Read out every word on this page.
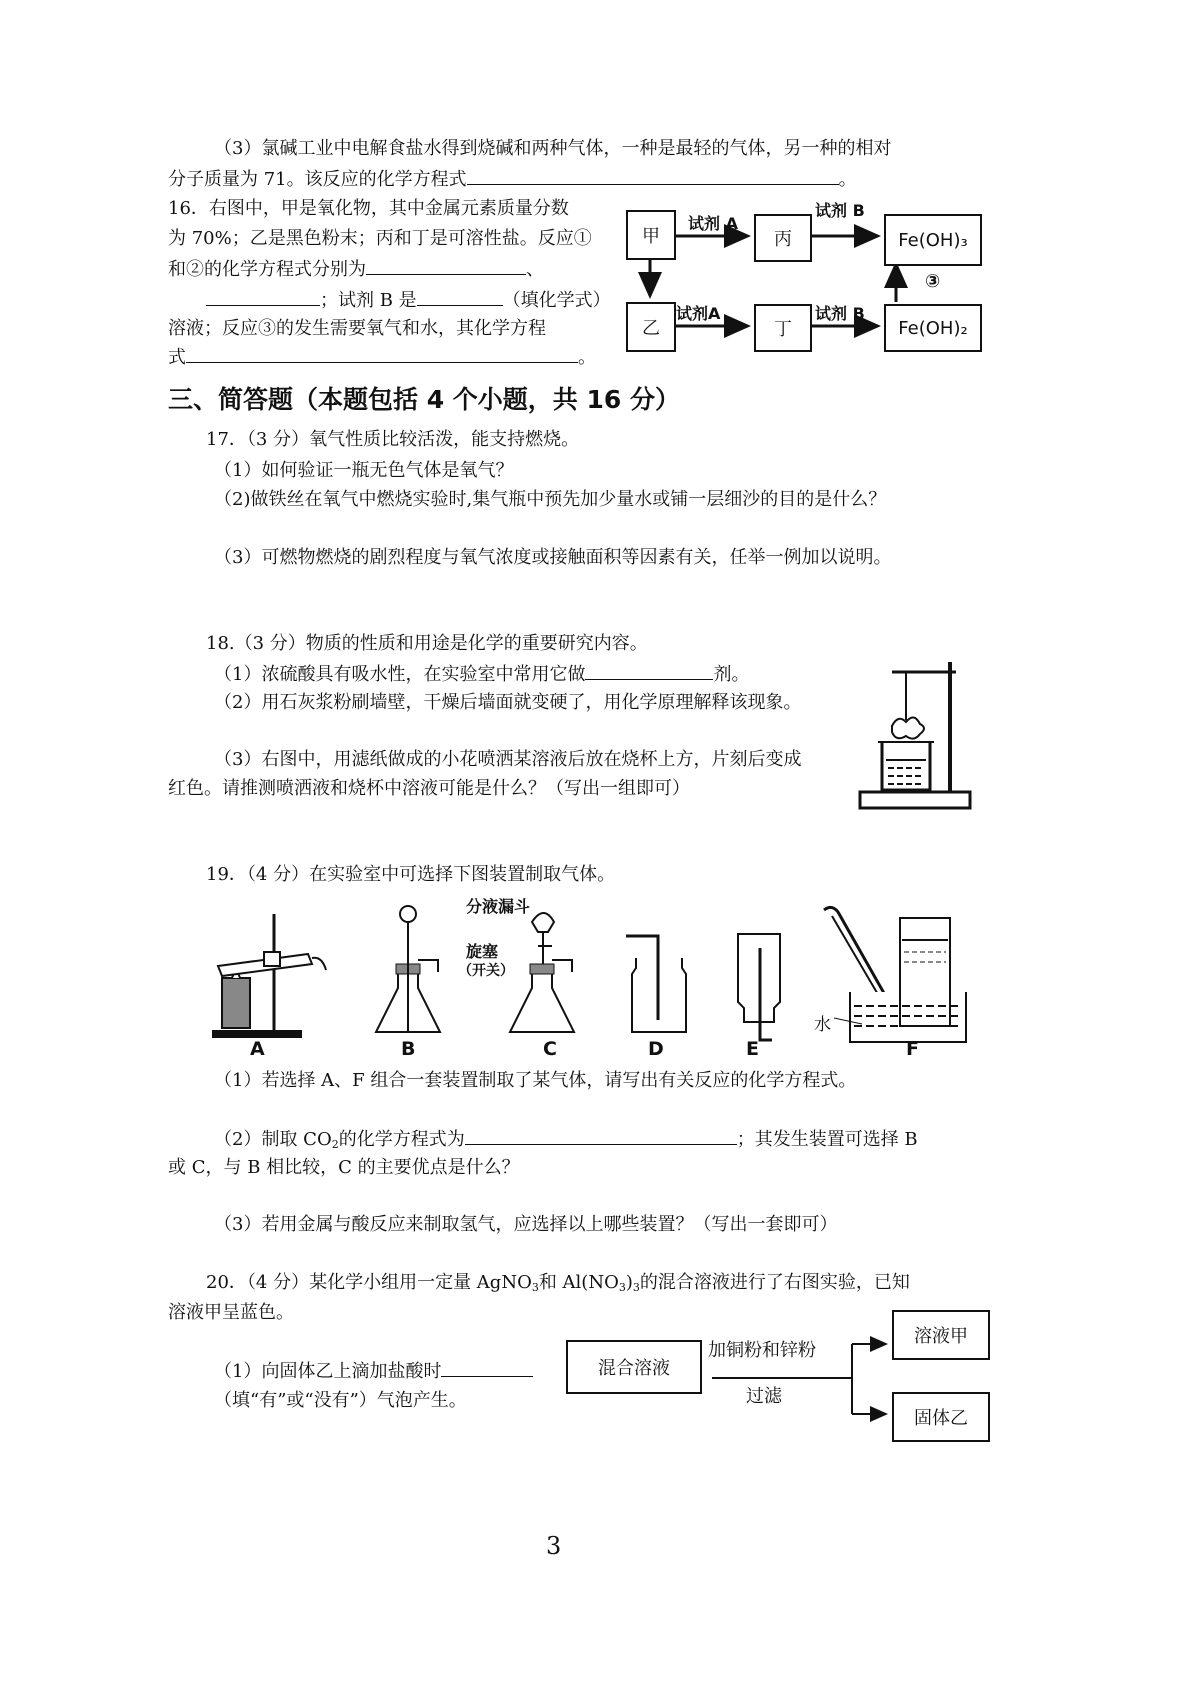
（3）氯碱工业中电解食盐水得到烧碱和两种气体，一种是最轻的气体，另一种的相对
分子质量为 71。该反应的化学方程式	。
16．右图中，甲是氧化物，其中金属元素质量分数
为 70%；乙是黑色粉末；丙和丁是可溶性盐。反应①
和②的化学方程式分别为	、
；试剂 B 是	（填化学式）
溶液；反应③的发生需要氧气和水，其化学方程
式	。
甲	丙	Fe(OH)₃
乙	丁	Fe(OH)₂
试剂 A
试剂 B
试剂A	试剂 B
③
三、简答题（本题包括 4 个小题，共 16 分）
17．（3 分）氧气性质比较活泼，能支持燃烧。
（1）如何验证一瓶无色气体是氧气？
（2)做铁丝在氧气中燃烧实验时,集气瓶中预先加少量水或铺一层细沙的目的是什么？
（3）可燃物燃烧的剧烈程度与氧气浓度或接触面积等因素有关，任举一例加以说明。
18.（3 分）物质的性质和用途是化学的重要研究内容。
（1）浓硫酸具有吸水性，在实验室中常用它做	剂。
（2）用石灰浆粉刷墙壁，干燥后墙面就变硬了，用化学原理解释该现象。
（3）右图中，用滤纸做成的小花喷洒某溶液后放在烧杯上方，片刻后变成
红色。请推测喷洒液和烧杯中溶液可能是什么？（写出一组即可）
19．（4 分）在实验室中可选择下图装置制取气体。
分液漏斗
旋塞
（开关）
水
A	B	C	D	E	F
（1）若选择 A、F 组合一套装置制取了某气体，请写出有关反应的化学方程式。
（2）制取 $CO_2$的化学方程式为	；其发生装置可选择 B
或 C，与 B 相比较，C 的主要优点是什么？
（3）若用金属与酸反应来制取氢气，应选择以上哪些装置？（写出一套即可）
20．（4 分）某化学小组用一定量 AgNO$_3$和 $Al(NO_3)_3$的混合溶液进行了右图实验，已知
溶液甲呈蓝色。
（1）向固体乙上滴加盐酸时
（填“有”或“没有”）气泡产生。
混合溶液
溶液甲
固体乙
加铜粉和锌粉
过滤
3
